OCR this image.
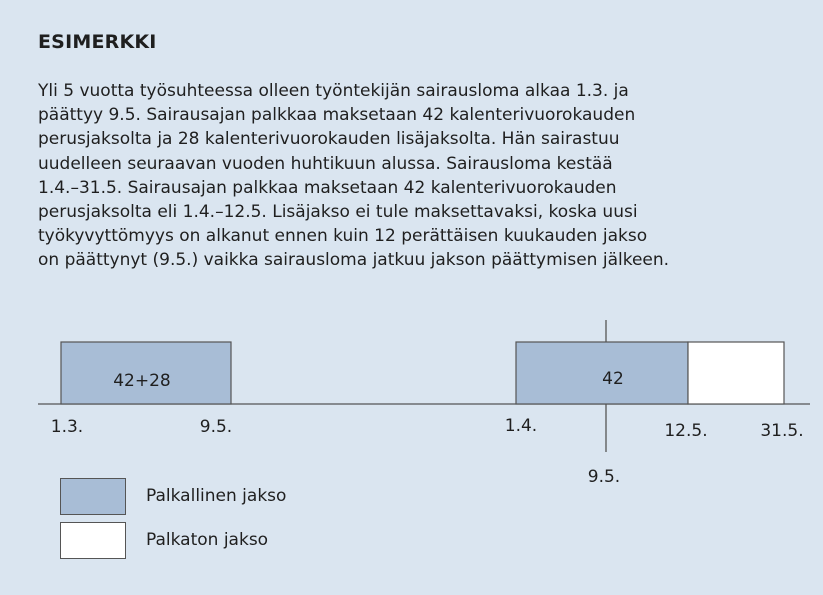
ESIMERKKI
Yli 5 vuotta työsuhteessa olleen työntekijän sairausloma alkaa 1.3. ja
päättyy 9.5. Sairausajan palkkaa maksetaan 42 kalenterivuorokauden
perusjaksolta ja 28 kalenterivuorokauden lisäjaksolta. Hän sairastuu
uudelleen seuraavan vuoden huhtikuun alussa. Sairausloma kestää
1.4.–31.5. Sairausajan palkkaa maksetaan 42 kalenterivuorokauden
perusjaksolta eli 1.4.–12.5. Lisäjakso ei tule maksettavaksi, koska uusi
työkyvyttömyys on alkanut ennen kuin 12 perättäisen kuukauden jakso
on päättynyt (9.5.) vaikka sairausloma jatkuu jakson päättymisen jälkeen.
42+28	42
1.3.	9.5.	1.4.	12.5.	31.5.
9.5.
Palkallinen jakso
Palkaton jakso
